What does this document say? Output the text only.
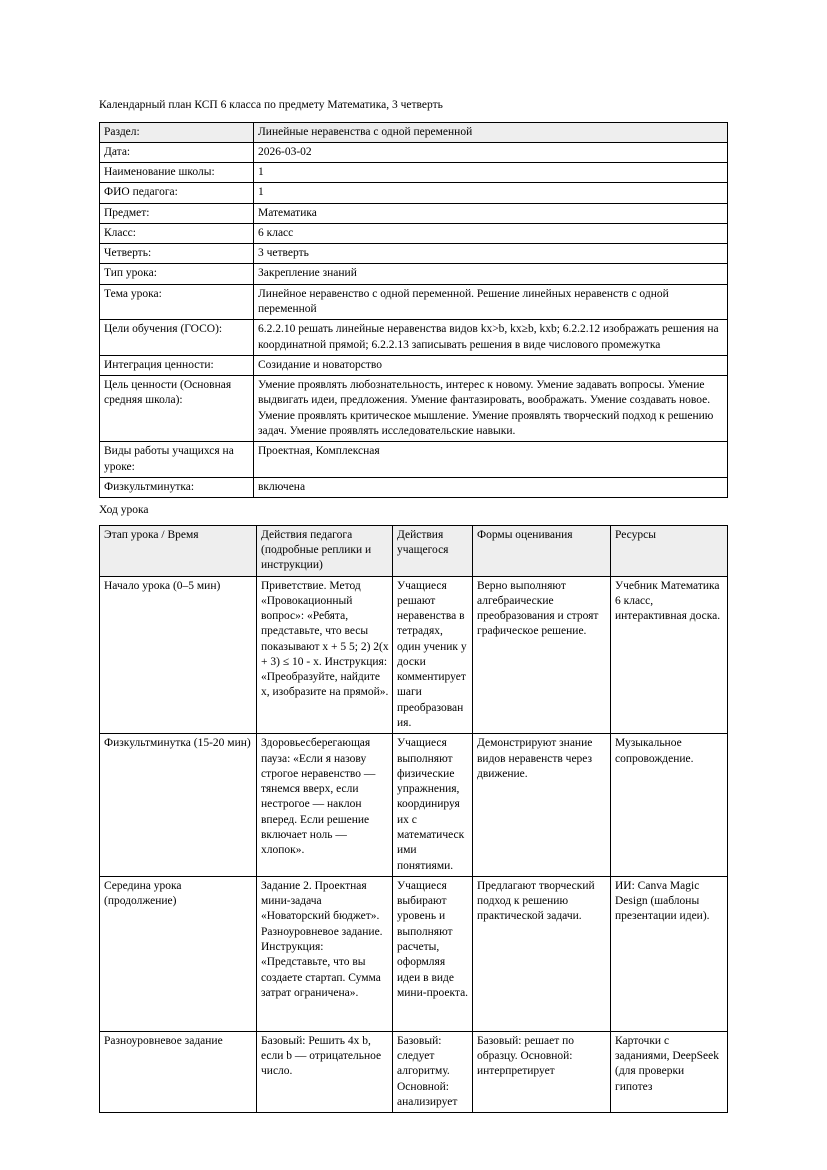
Календарный план КСП 6 класса по предмету Математика, 3 четверть

Раздел:	Линейные неравенства с одной переменной
Дата:	2026-03-02
Наименование школы:	1
ФИО педагога:	1
Предмет:	Математика
Класс:	6 класс
Четверть:	3 четверть
Тип урока:	Закрепление знаний
Тема урока:	Линейное неравенство с одной переменной. Решение линейных неравенств с одной переменной
Цели обучения (ГОСО):	6.2.2.10 решать линейные неравенства видов kx>b, kx≥b, kxb; 6.2.2.12 изображать решения на координатной прямой; 6.2.2.13 записывать решения в виде числового промежутка
Интеграция ценности:	Созидание и новаторство
Цель ценности (Основная средняя школа):	Умение проявлять любознательность, интерес к новому. Умение задавать вопросы. Умение выдвигать идеи, предложения. Умение фантазировать, воображать. Умение создавать новое. Умение проявлять критическое мышление. Умение проявлять творческий подход к решению задач. Умение проявлять исследовательские навыки.
Виды работы учащихся на уроке:	Проектная, Комплексная
Физкультминутка:	включена

Ход урока

Этап урока / Время	Действия педагога (подробные реплики и инструкции)	Действия учащегося	Формы оценивания	Ресурсы
Начало урока (0–5 мин)	Приветствие. Метод «Провокационный вопрос»: «Ребята, представьте, что весы показывают x + 5 5; 2) 2(x + 3) ≤ 10 - x. Инструкция: «Преобразуйте, найдите x, изобразите на прямой».	Учащиеся решают неравенства в тетрадях, один ученик у доски комментирует шаги преобразования.	Верно выполняют алгебраические преобразования и строят графическое решение.	Учебник Математика 6 класс, интерактивная доска.
Физкультминутка (15-20 мин)	Здоровьесберегающая пауза: «Если я назову строгое неравенство — тянемся вверх, если нестрогое — наклон вперед. Если решение включает ноль — хлопок».	Учащиеся выполняют физические упражнения, координируя их с математическими понятиями.	Демонстрируют знание видов неравенств через движение.	Музыкальное сопровождение.
Середина урока (продолжение)	Задание 2. Проектная мини-задача «Новаторский бюджет». Разноуровневое задание. Инструкция: «Представьте, что вы создаете стартап. Сумма затрат ограничена».	Учащиеся выбирают уровень и выполняют расчеты, оформляя идеи в виде мини-проекта.	Предлагают творческий подход к решению практической задачи.	ИИ: Canva Magic Design (шаблоны презентации идеи).
Разноуровневое задание	Базовый: Решить 4x b, если b — отрицательное число.	Базовый: следует алгоритму. Основной: анализирует	Базовый: решает по образцу. Основной: интерпретирует	Карточки с заданиями, DeepSeek (для проверки гипотез
